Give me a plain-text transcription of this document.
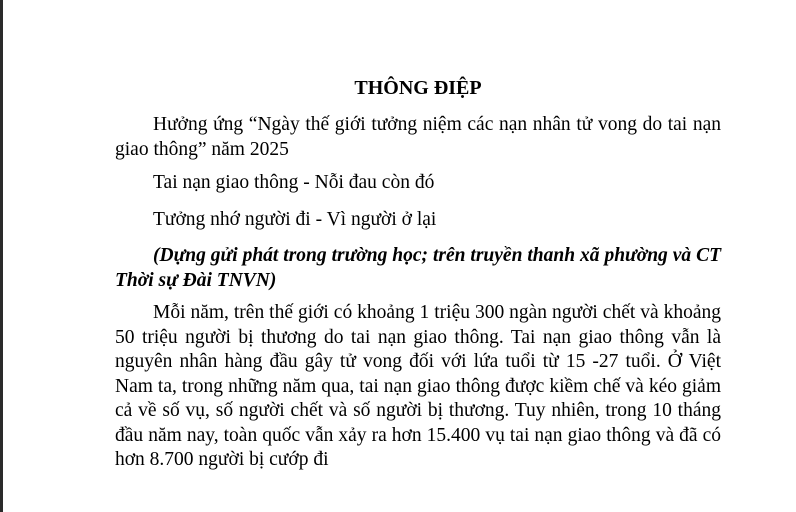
THÔNG ĐIỆP
Hưởng ứng “Ngày thế giới tưởng niệm các nạn nhân tử vong do tai nạn giao thông” năm 2025
Tai nạn giao thông - Nỗi đau còn đó
Tưởng nhớ người đi - Vì người ở lại
(Dựng gửi phát trong trường học; trên truyền thanh xã phường và CT Thời sự Đài TNVN)
Mỗi năm, trên thế giới có khoảng 1 triệu 300 ngàn người chết và khoảng 50 triệu người bị thương do tai nạn giao thông. Tai nạn giao thông vẫn là nguyên nhân hàng đầu gây tử vong đối với lứa tuổi từ 15 -27 tuổi. Ở Việt Nam ta, trong những năm qua, tai nạn giao thông được kiềm chế và kéo giảm cả về số vụ, số người chết và số người bị thương. Tuy nhiên, trong 10 tháng đầu năm nay, toàn quốc vẫn xảy ra hơn 15.400 vụ tai nạn giao thông và đã có hơn 8.700 người bị cướp đi
